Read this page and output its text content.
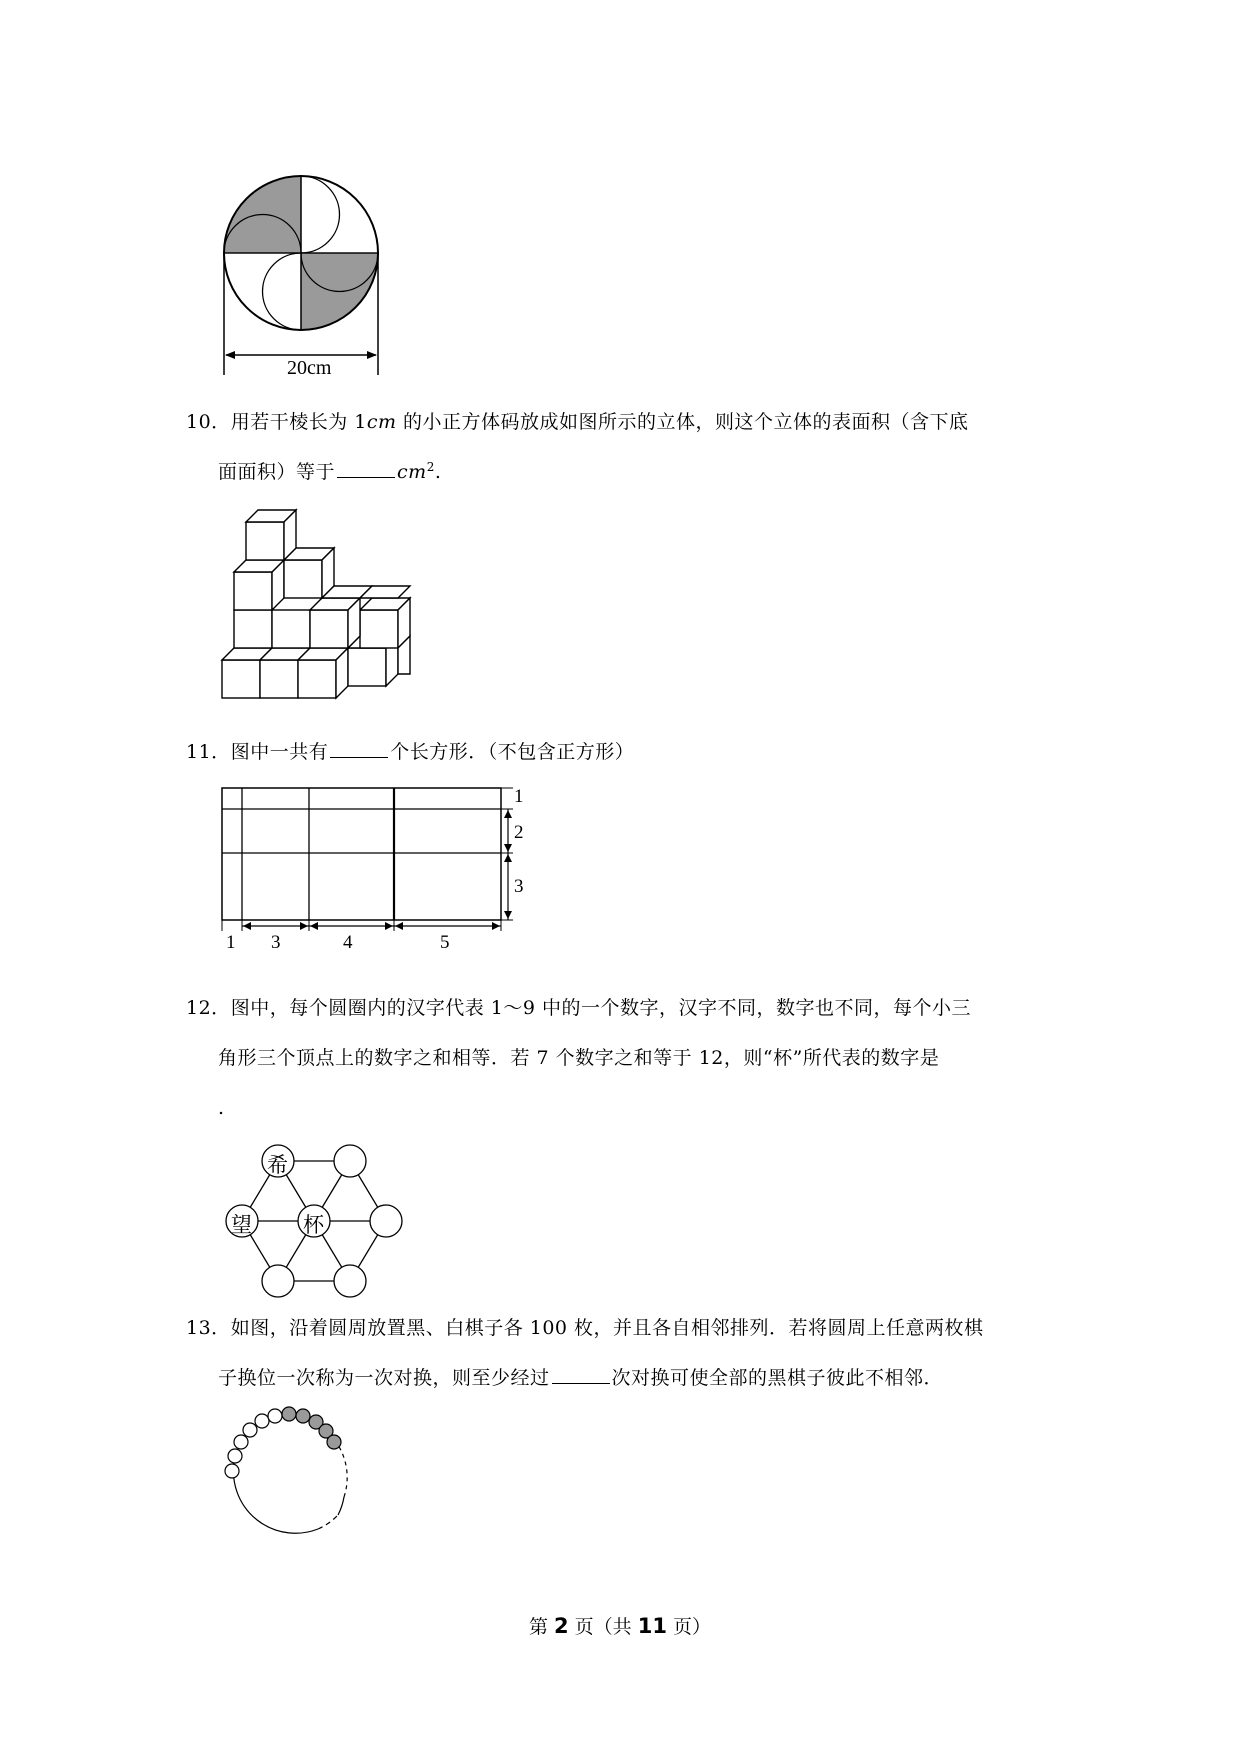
20cm
10．用若干棱长为 1cm 的小正方体码放成如图所示的立体，则这个立体的表面积（含下底
面面积）等于	$cm^2$.
11．图中一共有	个长方形．（不包含正方形）
1
2
3
1 3	4	5
12．图中，每个圆圈内的汉字代表 1～9 中的一个数字，汉字不同，数字也不同，每个小三
角形三个顶点上的数字之和相等．若 7 个数字之和等于 12，则“杯”所代表的数字是
.
希
望 杯
13．如图，沿着圆周放置黑、白棋子各 100 枚，并且各自相邻排列．若将圆周上任意两枚棋
子换位一次称为一次对换，则至少经过	次对换可使全部的黑棋子彼此不相邻．
第 2 页（共 11 页）
